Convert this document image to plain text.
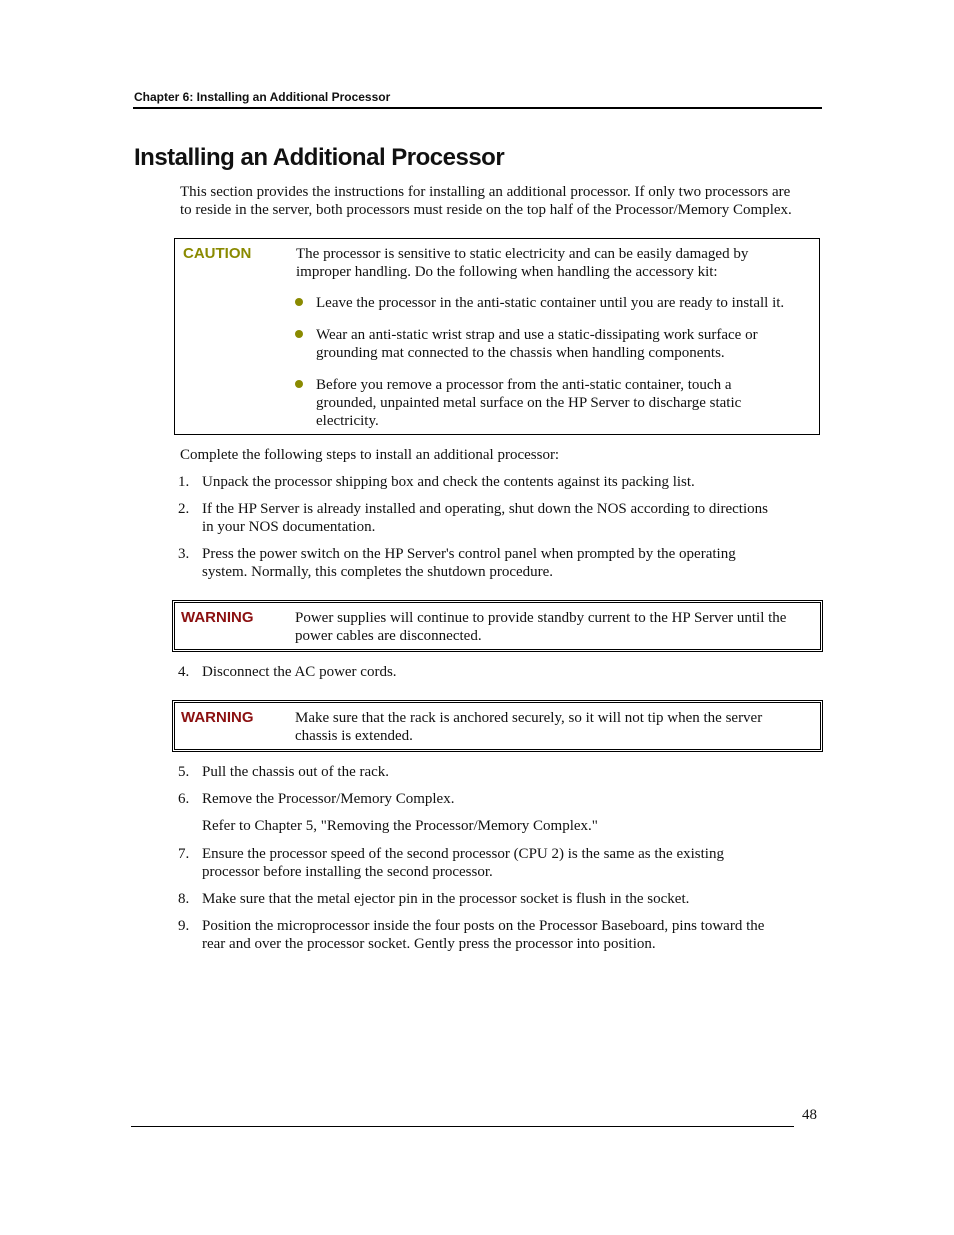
Chapter 6: Installing an Additional Processor
Installing an Additional Processor

This section provides the instructions for installing an additional processor. If only two processors are
to reside in the server, both processors must reside on the top half of the Processor/Memory Complex.

CAUTION	The processor is sensitive to static electricity and can be easily damaged by
improper handling. Do the following when handling the accessory kit:

Leave the processor in the anti-static container until you are ready to install it.

Wear an anti-static wrist strap and use a static-dissipating work surface or
grounding mat connected to the chassis when handling components.

Before you remove a processor from the anti-static container, touch a
grounded, unpainted metal surface on the HP Server to discharge static
electricity.

Complete the following steps to install an additional processor:

1. Unpack the processor shipping box and check the contents against its packing list.

2. If the HP Server is already installed and operating, shut down the NOS according to directions
in your NOS documentation.

3. Press the power switch on the HP Server's control panel when prompted by the operating
system. Normally, this completes the shutdown procedure.

WARNING	Power supplies will continue to provide standby current to the HP Server until the
power cables are disconnected.

4. Disconnect the AC power cords.

WARNING	Make sure that the rack is anchored securely, so it will not tip when the server
chassis is extended.

5. Pull the chassis out of the rack.

6. Remove the Processor/Memory Complex.

Refer to Chapter 5, "Removing the Processor/Memory Complex."

7. Ensure the processor speed of the second processor (CPU 2) is the same as the existing
processor before installing the second processor.

8. Make sure that the metal ejector pin in the processor socket is flush in the socket.

9. Position the microprocessor inside the four posts on the Processor Baseboard, pins toward the
rear and over the processor socket. Gently press the processor into position.

48
